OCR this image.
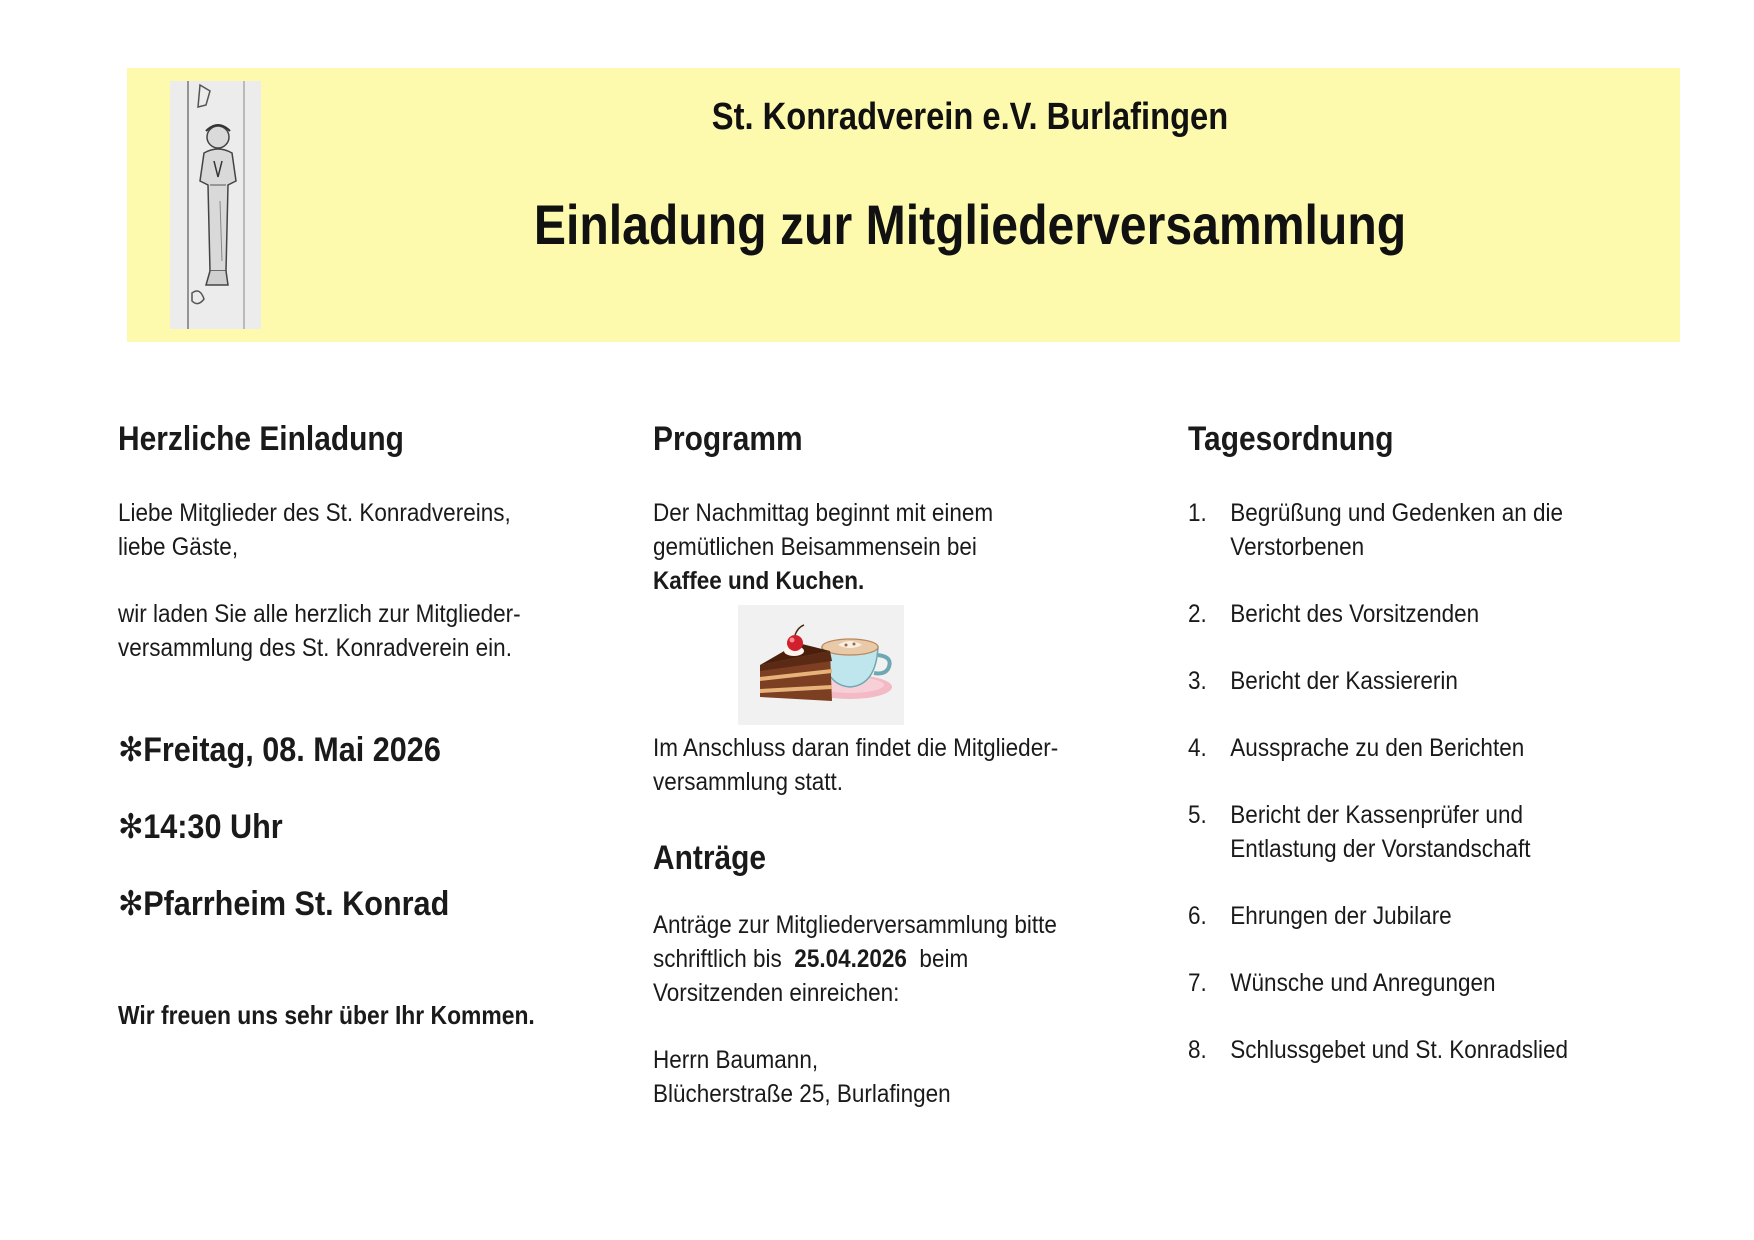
St. Konradverein e.V. Burlafingen
Einladung zur Mitgliederversammlung
Herzliche Einladung
Liebe Mitglieder des St. Konradvereins,
liebe Gäste,
wir laden Sie alle herzlich zur Mitglieder-
versammlung des St. Konradverein ein.
✻Freitag, 08. Mai 2026
✻14:30 Uhr
✻Pfarrheim St. Konrad
Wir freuen uns sehr über Ihr Kommen.
Programm
Der Nachmittag beginnt mit einem
gemütlichen Beisammensein bei
Kaffee und Kuchen.
Im Anschluss daran findet die Mitglieder-
versammlung statt.
Anträge
Anträge zur Mitgliederversammlung bitte
schriftlich bis 25.04.2026 beim
Vorsitzenden einreichen:
Herrn Baumann,
Blücherstraße 25, Burlafingen
Tagesordnung
1. Begrüßung und Gedenken an die
Verstorbenen
2. Bericht des Vorsitzenden
3. Bericht der Kassiererin
4. Aussprache zu den Berichten
5. Bericht der Kassenprüfer und
Entlastung der Vorstandschaft
6. Ehrungen der Jubilare
7. Wünsche und Anregungen
8. Schlussgebet und St. Konradslied
